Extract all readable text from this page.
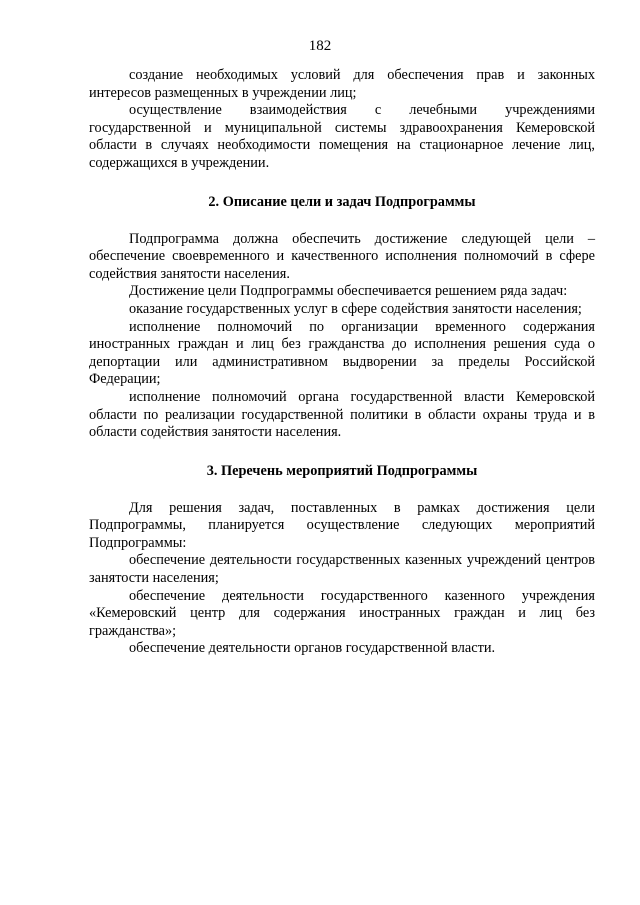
182

создание необходимых условий для обеспечения прав и законных интересов размещенных в учреждении лиц;

осуществление взаимодействия с лечебными учреждениями государственной и муниципальной системы здравоохранения Кемеровской области в случаях необходимости помещения на стационарное лечение лиц, содержащихся в учреждении.

2. Описание цели и задач Подпрограммы

Подпрограмма должна обеспечить достижение следующей цели – обеспечение своевременного и качественного исполнения полномочий в сфере содействия занятости населения.

Достижение цели Подпрограммы обеспечивается решением ряда задач:

оказание государственных услуг в сфере содействия занятости населения;

исполнение полномочий по организации временного содержания иностранных граждан и лиц без гражданства до исполнения решения суда о депортации или административном выдворении за пределы Российской Федерации;

исполнение полномочий органа государственной власти Кемеровской области по реализации государственной политики в области охраны труда и в области содействия занятости населения.

3. Перечень мероприятий Подпрограммы

Для решения задач, поставленных в рамках достижения цели Подпрограммы, планируется осуществление следующих мероприятий Подпрограммы:

обеспечение деятельности государственных казенных учреждений центров занятости населения;

обеспечение деятельности государственного казенного учреждения «Кемеровский центр для содержания иностранных граждан и лиц без гражданства»;

обеспечение деятельности органов государственной власти.
